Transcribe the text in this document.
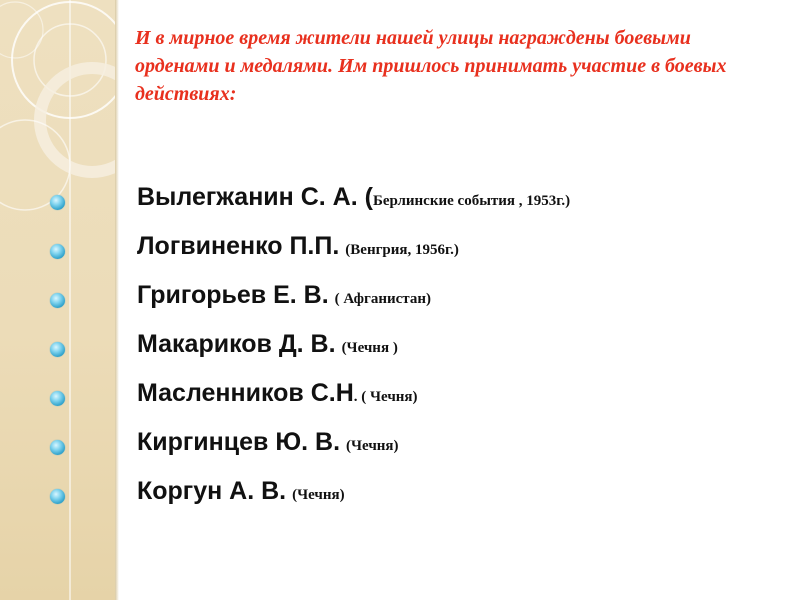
И в мирное время жители нашей улицы награждены боевыми орденами и медалями. Им пришлось принимать участие в боевых действиях:

Вылегжанин С. А. ( Берлинские события , 1953г.)
Логвиненко П.П. (Венгрия, 1956г.)
Григорьев Е. В. ( Афганистан)
Макариков Д. В. (Чечня )
Масленников С.Н . ( Чечня)
Киргинцев Ю. В. (Чечня)
Коргун А. В. (Чечня)
